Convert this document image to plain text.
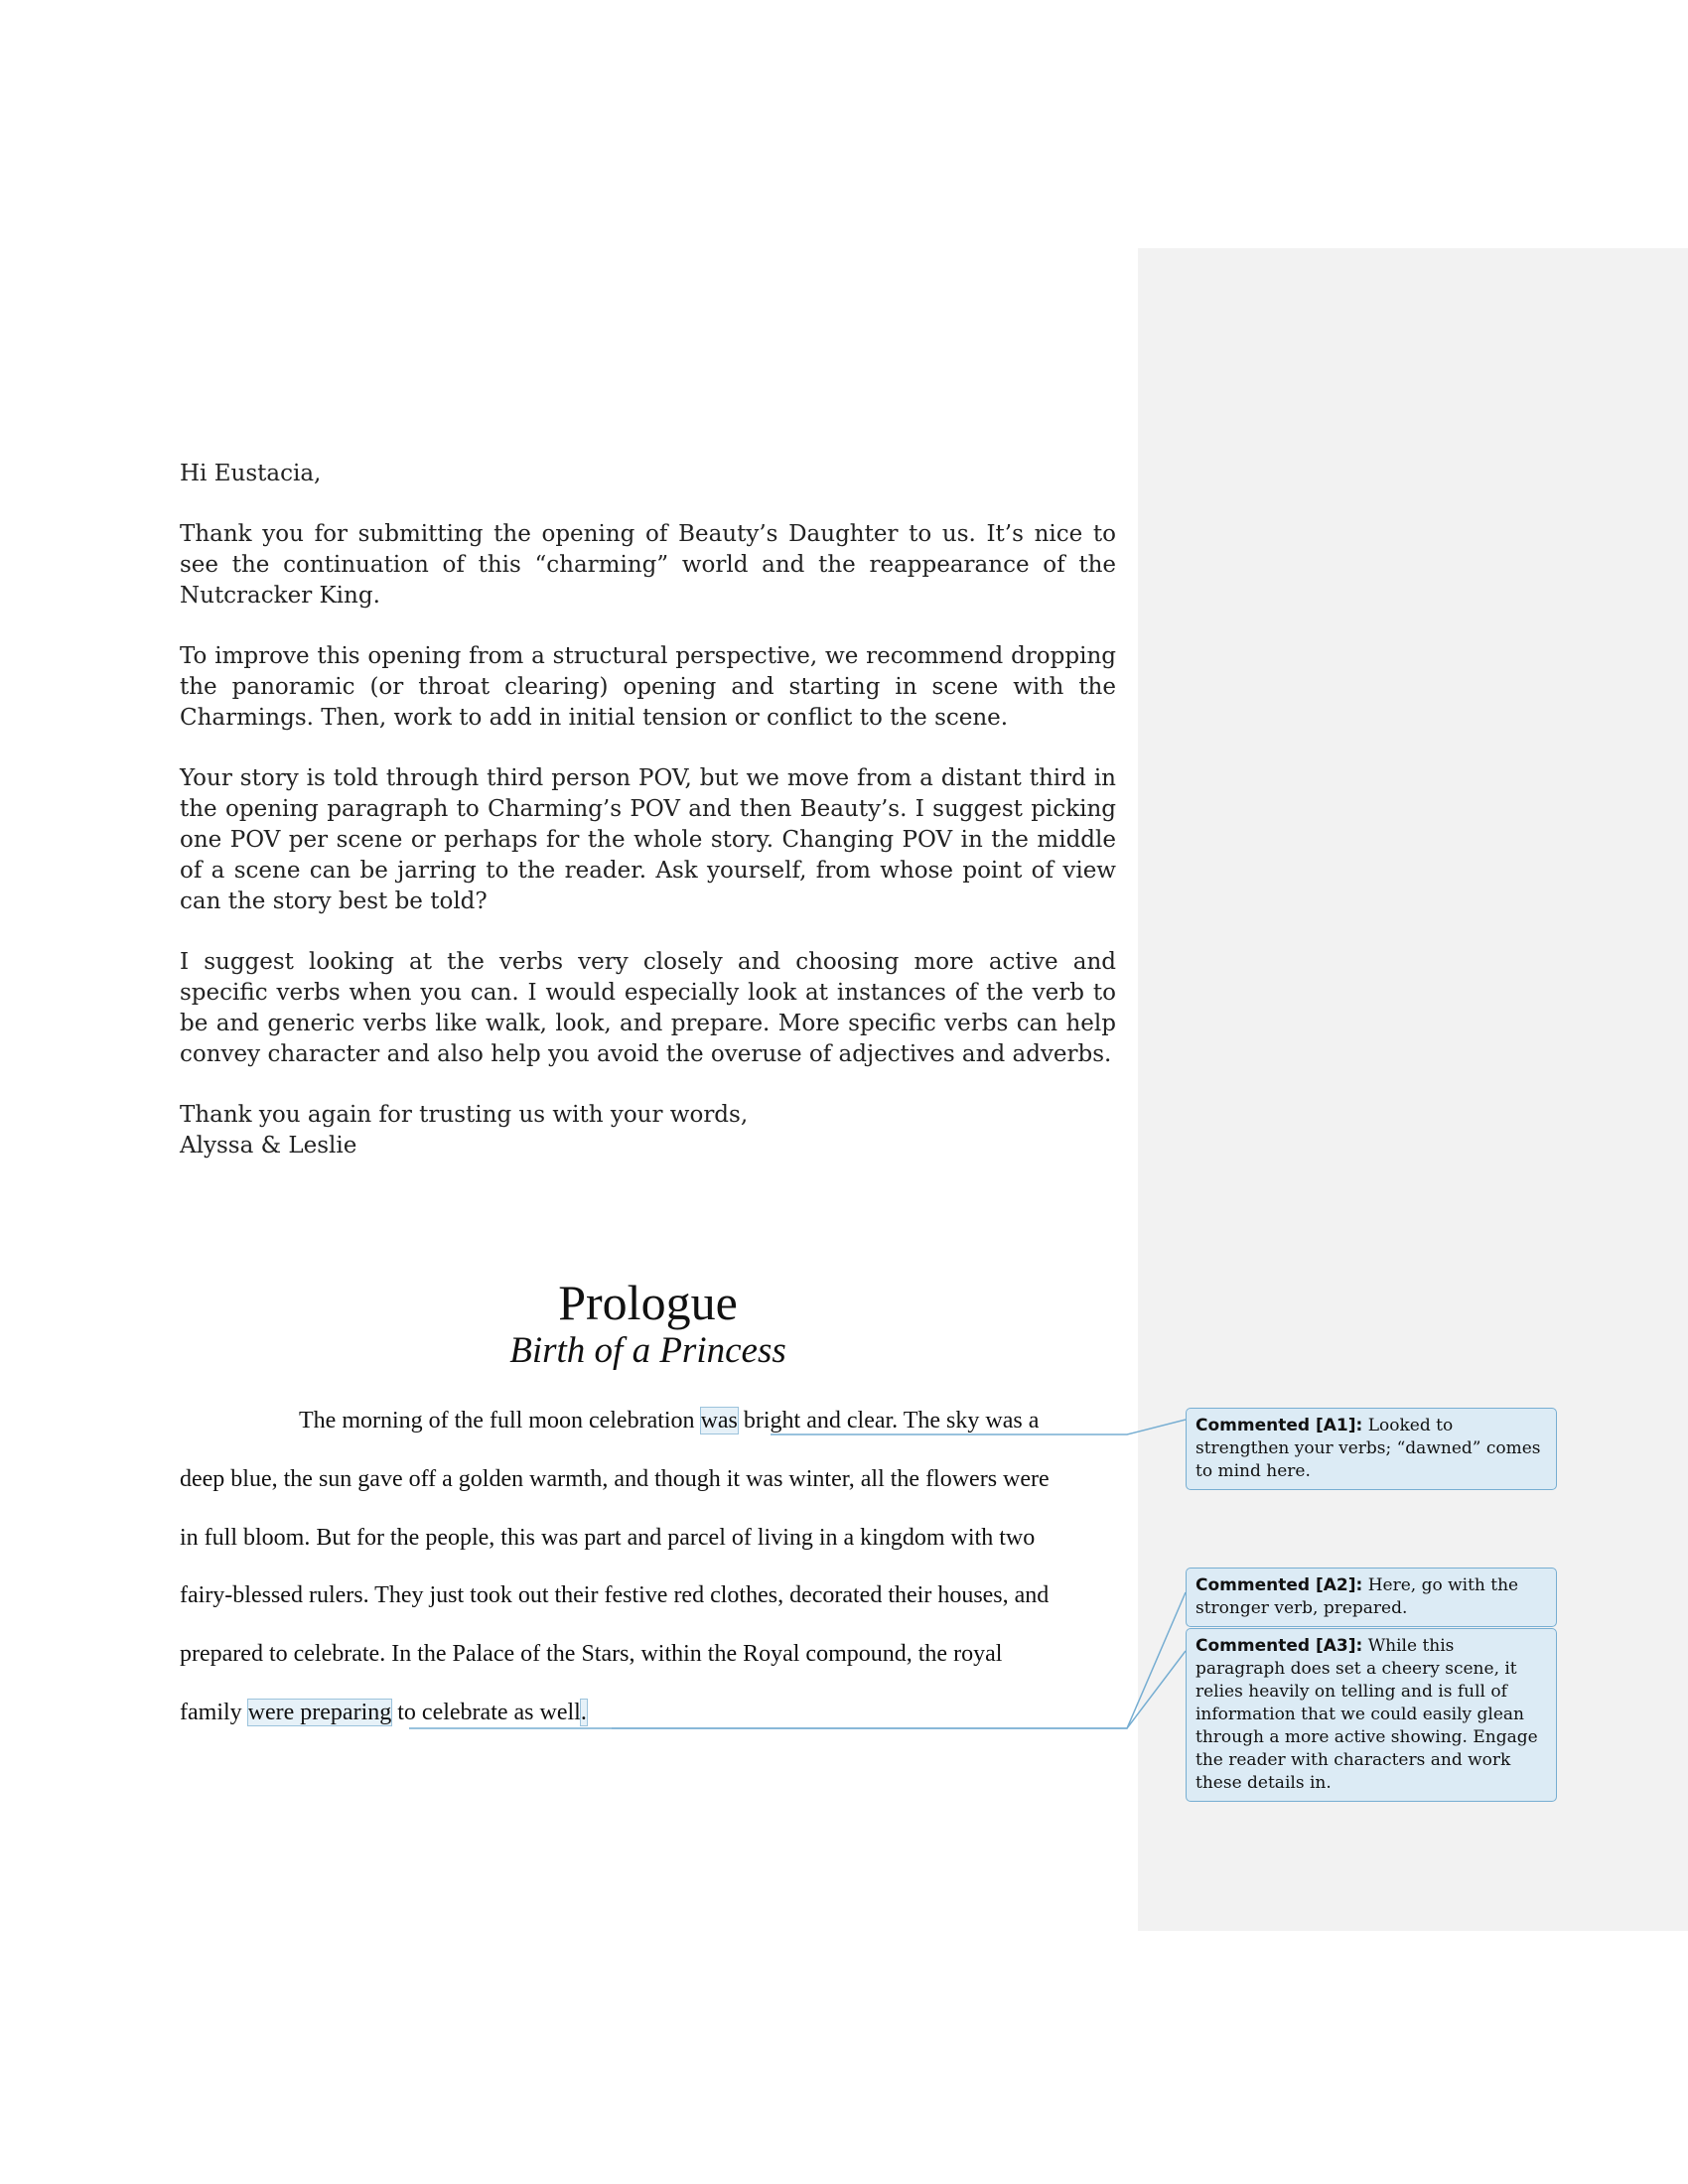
Hi Eustacia,

Thank you for submitting the opening of Beauty’s Daughter to us. It’s nice to see the continuation of this “charming” world and the reappearance of the Nutcracker King.

To improve this opening from a structural perspective, we recommend dropping the panoramic (or throat clearing) opening and starting in scene with the Charmings. Then, work to add in initial tension or conflict to the scene.

Your story is told through third person POV, but we move from a distant third in the opening paragraph to Charming’s POV and then Beauty’s. I suggest picking one POV per scene or perhaps for the whole story. Changing POV in the middle of a scene can be jarring to the reader. Ask yourself, from whose point of view can the story best be told?

I suggest looking at the verbs very closely and choosing more active and specific verbs when you can. I would especially look at instances of the verb to be and generic verbs like walk, look, and prepare. More specific verbs can help convey character and also help you avoid the overuse of adjectives and adverbs.

Thank you again for trusting us with your words,

Alyssa & Leslie

Prologue
Birth of a Princess
The morning of the full moon celebration was bright and clear. The sky was a
deep blue, the sun gave off a golden warmth, and though it was winter, all the flowers were
in full bloom. But for the people, this was part and parcel of living in a kingdom with two
fairy-blessed rulers. They just took out their festive red clothes, decorated their houses, and
prepared to celebrate. In the Palace of the Stars, within the Royal compound, the royal
family were preparing to celebrate as well.
Commented [A1]: Looked to strengthen your verbs; “dawned” comes to mind here.
Commented [A2]: Here, go with the stronger verb, prepared.
Commented [A3]: While this paragraph does set a cheery scene, it relies heavily on telling and is full of information that we could easily glean through a more active showing. Engage the reader with characters and work these details in.
